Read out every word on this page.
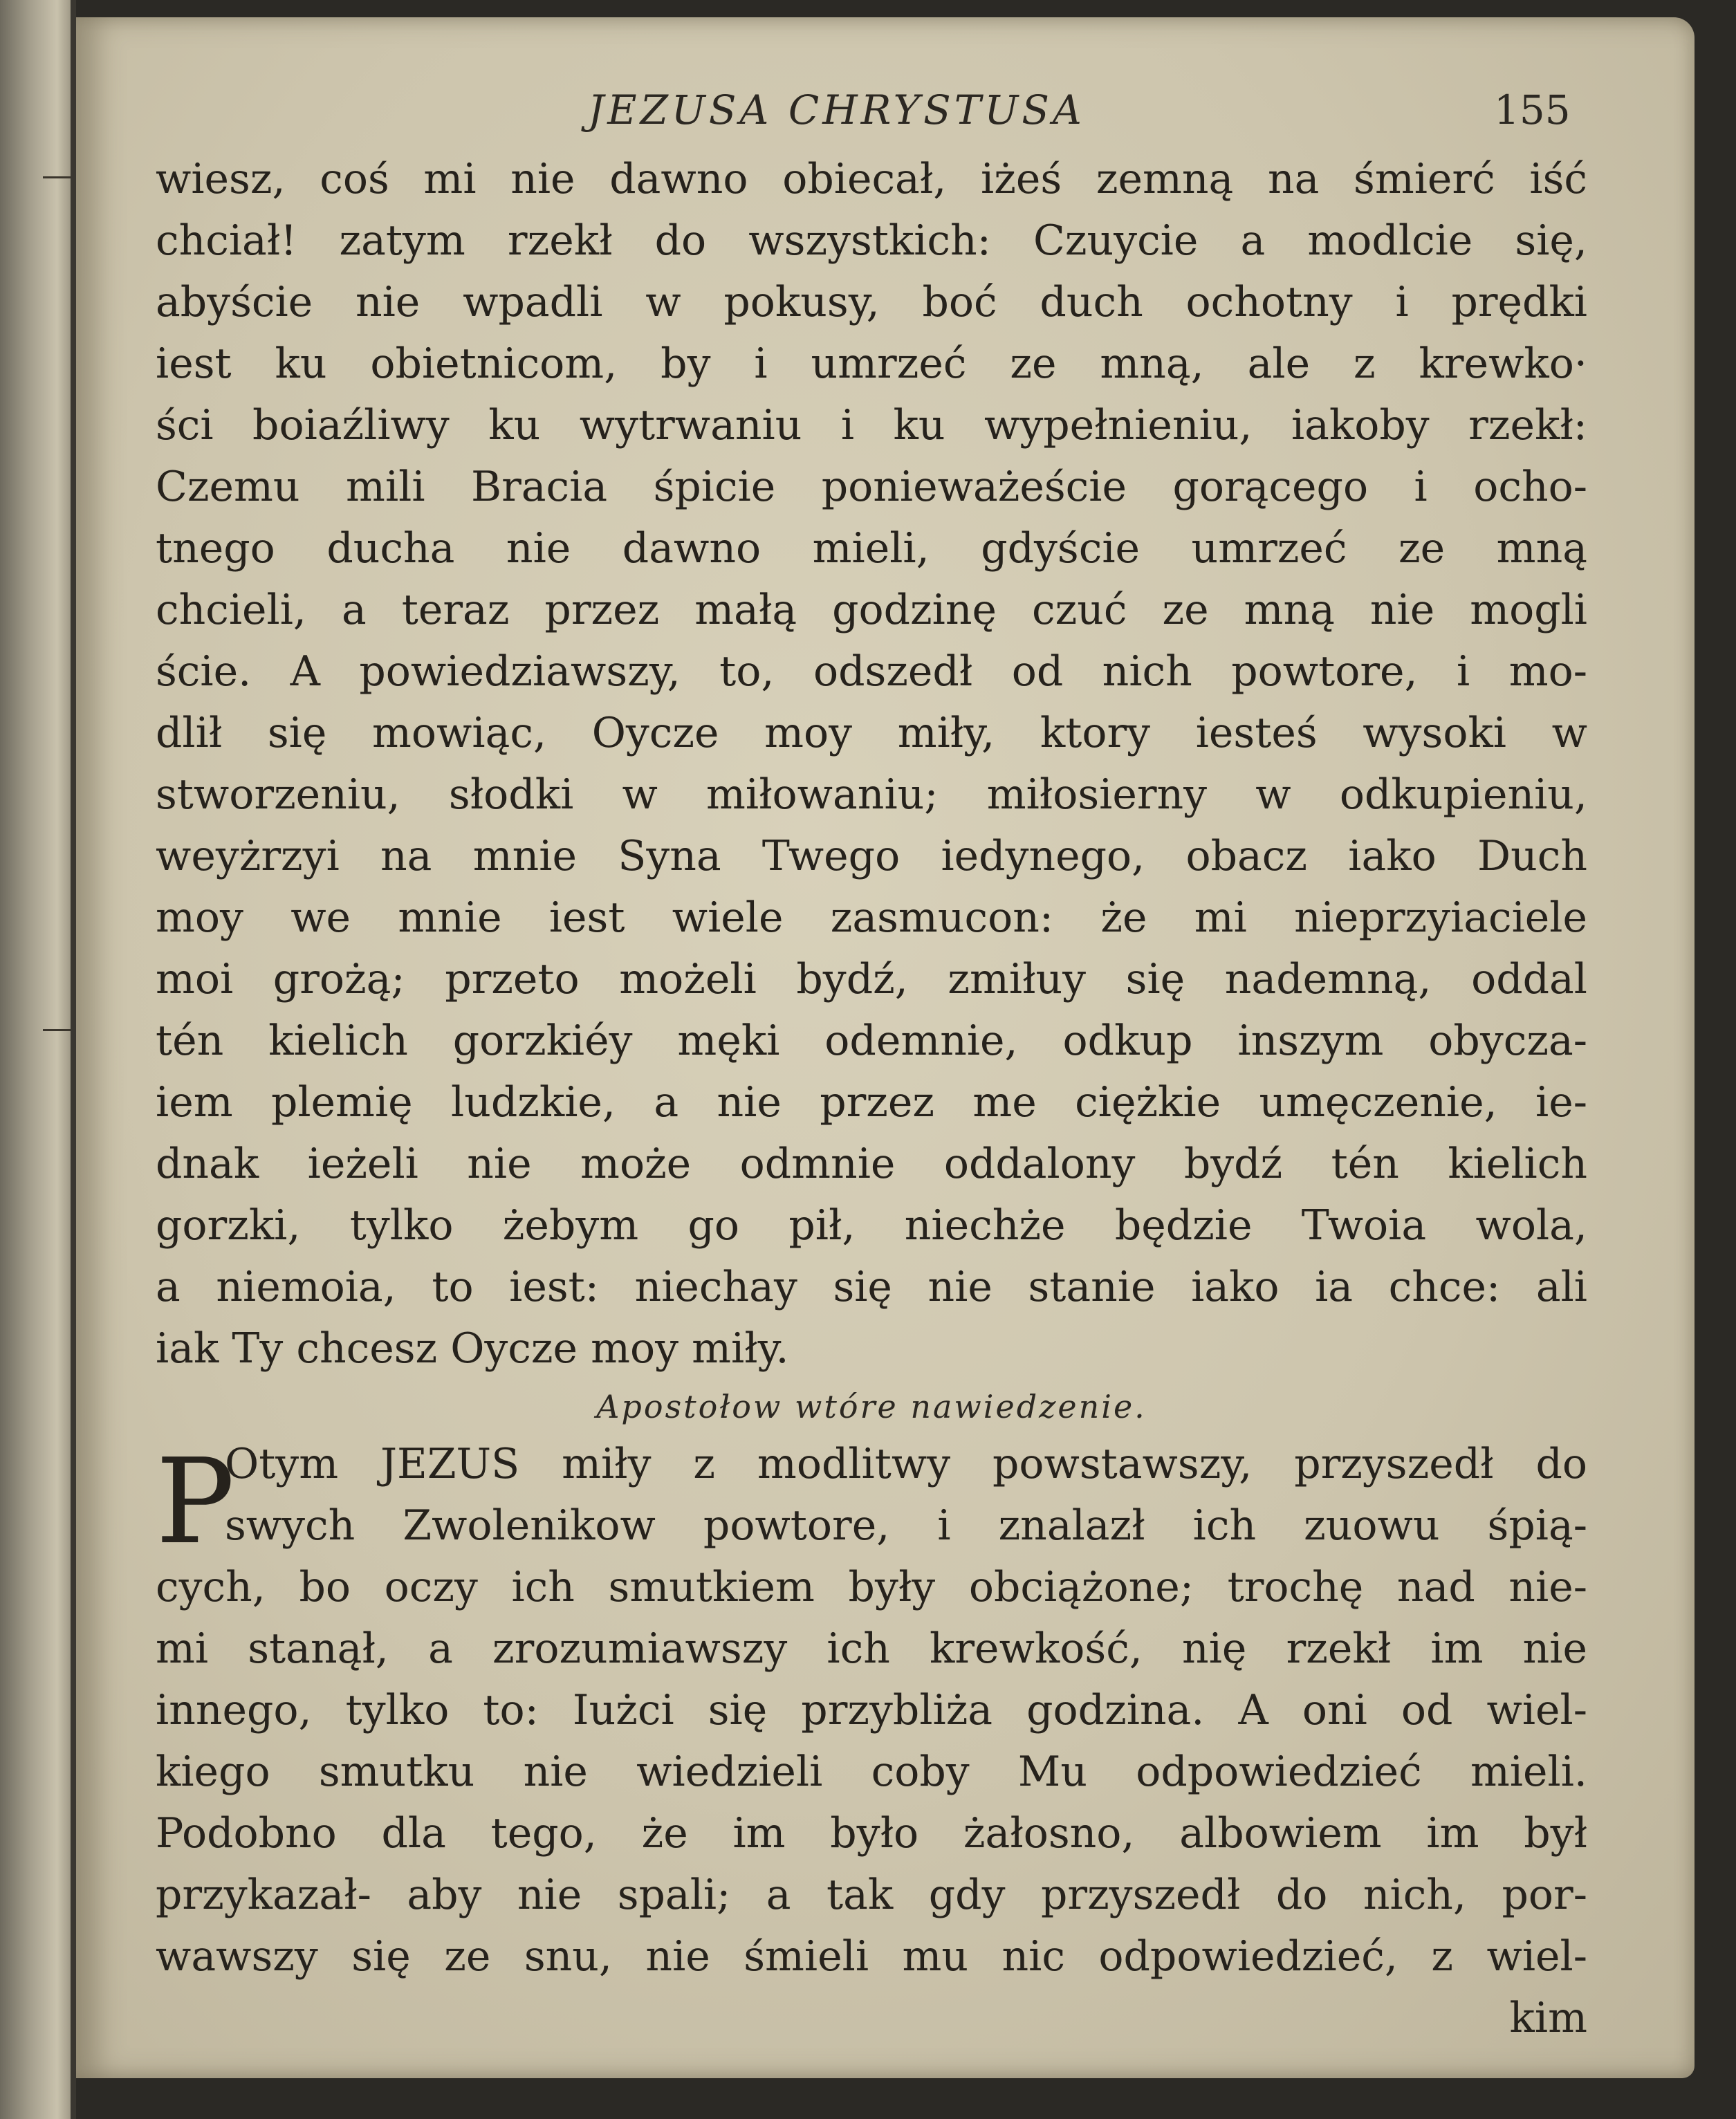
JEZUSA CHRYSTUSA	155
wiesz, coś mi nie dawno obiecał, iżeś zemną na śmierć iść
chciał! zatym rzekł do wszystkich: Czuycie a modlcie się,
abyście nie wpadli w pokusy, boć duch ochotny i prędki
iest ku obietnicom, by i umrzeć ze mną, ale z krewko·
ści boiaźliwy ku wytrwaniu i ku wypełnieniu, iakoby rzekł:
Czemu mili Bracia śpicie ponieważeście gorącego i ocho-
tnego ducha nie dawno mieli, gdyście umrzeć ze mną
chcieli, a teraz przez małą godzinę czuć ze mną nie mogli
ście. A powiedziawszy, to, odszedł od nich powtore, i mo-
dlił się mowiąc, Oycze moy miły, ktory iesteś wysoki w
stworzeniu, słodki w miłowaniu; miłosierny w odkupieniu,
weyżrzyi na mnie Syna Twego iedynego, obacz iako Duch
moy we mnie iest wiele zasmucon: że mi nieprzyiaciele
moi grożą; przeto możeli bydź, zmiłuy się nademną, oddal
tén kielich gorzkiéy męki odemnie, odkup inszym obycza-
iem plemię ludzkie, a nie przez me ciężkie umęczenie, ie-
dnak ieżeli nie może odmnie oddalony bydź tén kielich
gorzki, tylko żebym go pił, niechże będzie Twoia wola,
a niemoia, to iest: niechay się nie stanie iako ia chce: ali
iak Ty chcesz Oycze moy miły.
Apostołow wtóre nawiedzenie.
P
Otym JEZUS miły z modlitwy powstawszy, przyszedł do
swych Zwolenikow powtore, i znalazł ich zuowu śpią-
cych, bo oczy ich smutkiem były obciążone; trochę nad nie-
mi stanął, a zrozumiawszy ich krewkość, nię rzekł im nie
innego, tylko to: Iużci się przybliża godzina. A oni od wiel-
kiego smutku nie wiedzieli coby Mu odpowiedzieć mieli.
Podobno dla tego, że im było żałosno, albowiem im był
przykazał- aby nie spali; a tak gdy przyszedł do nich, por-
wawszy się ze snu, nie śmieli mu nic odpowiedzieć, z wiel-
kim
